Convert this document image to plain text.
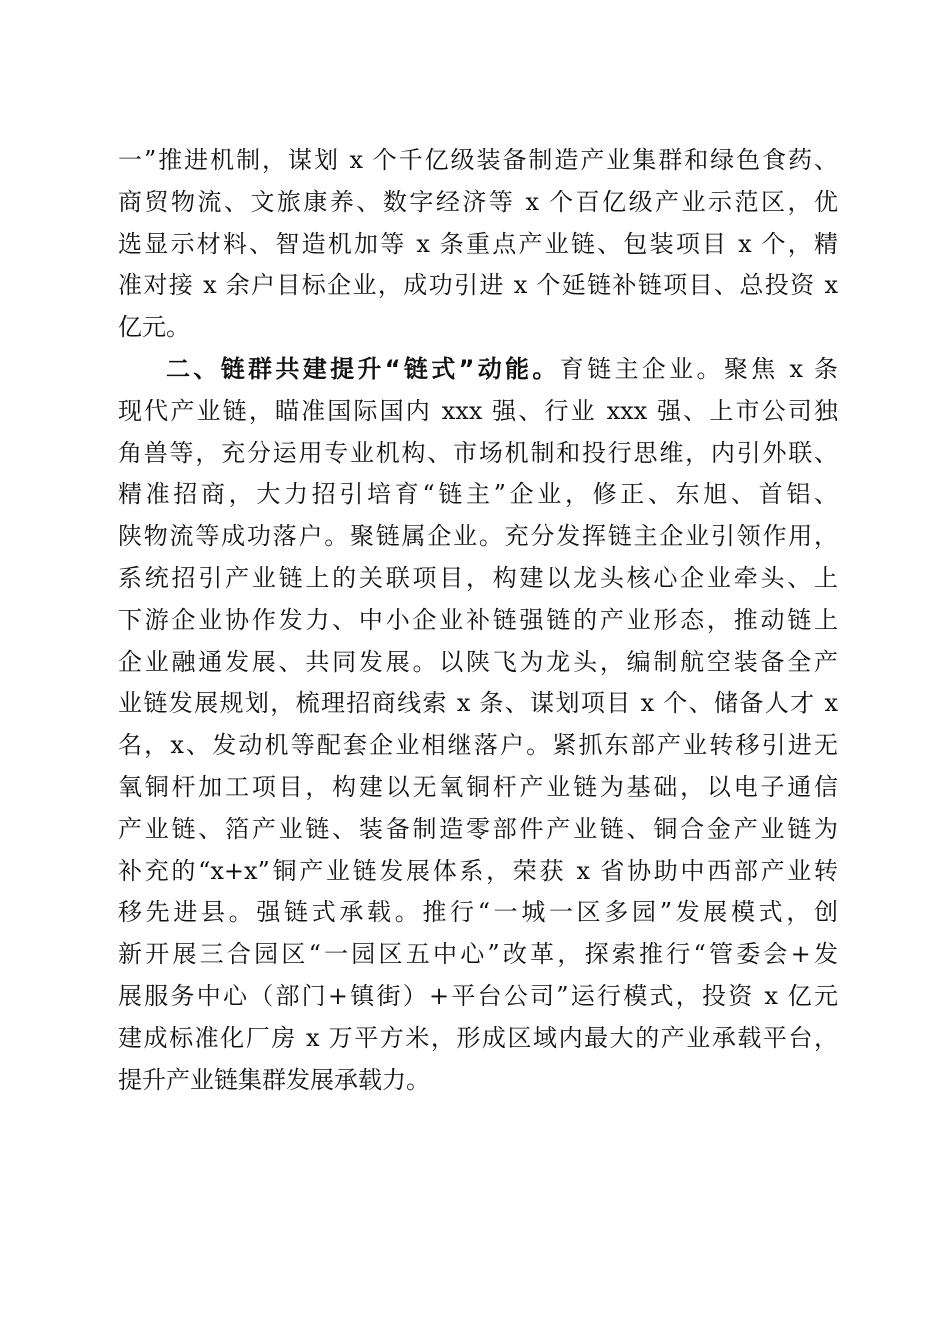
一”推进机制，谋划 x 个千亿级装备制造产业集群和绿色食药、
商贸物流、文旅康养、数字经济等 x 个百亿级产业示范区，优
选显示材料、智造机加等 x 条重点产业链、包装项目 x 个，精
准对接 x 余户目标企业，成功引进 x 个延链补链项目、总投资 x
亿元。
二、链群共建提升“链式”动能。育链主企业。聚焦 x 条
现代产业链，瞄准国际国内 xxx 强、行业 xxx 强、上市公司独
角兽等，充分运用专业机构、市场机制和投行思维，内引外联、
精准招商，大力招引培育“链主”企业，修正、东旭、首铝、
陕物流等成功落户。聚链属企业。充分发挥链主企业引领作用，
系统招引产业链上的关联项目，构建以龙头核心企业牵头、上
下游企业协作发力、中小企业补链强链的产业形态，推动链上
企业融通发展、共同发展。以陕飞为龙头，编制航空装备全产
业链发展规划，梳理招商线索 x 条、谋划项目 x 个、储备人才 x
名，x、发动机等配套企业相继落户。紧抓东部产业转移引进无
氧铜杆加工项目，构建以无氧铜杆产业链为基础，以电子通信
产业链、箔产业链、装备制造零部件产业链、铜合金产业链为
补充的“x+x”铜产业链发展体系，荣获 x 省协助中西部产业转
移先进县。强链式承载。推行“一城一区多园”发展模式，创
新开展三合园区“一园区五中心”改革，探索推行“管委会+发
展服务中心（部门+镇街）+平台公司”运行模式，投资 x 亿元
建成标准化厂房 x 万平方米，形成区域内最大的产业承载平台，
提升产业链集群发展承载力。
